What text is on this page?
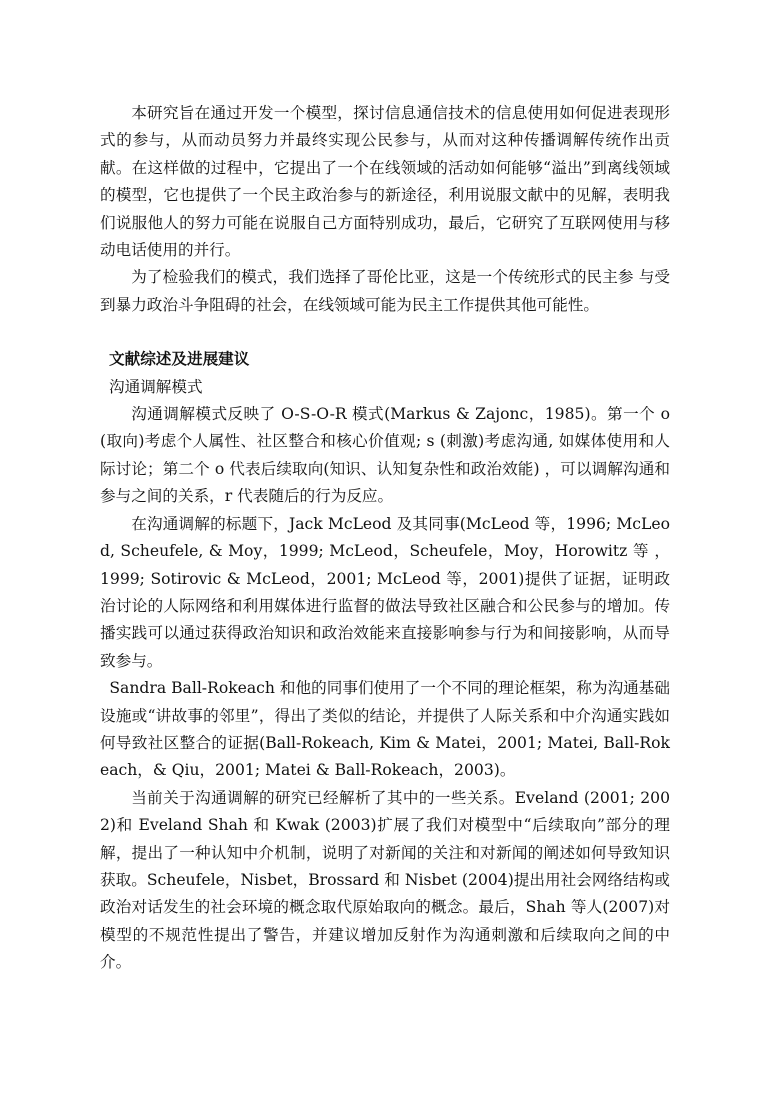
本研究旨在通过开发一个模型，探讨信息通信技术的信息使用如何促进表现形式的参与，从而动员努力并最终实现公民参与，从而对这种传播调解传统作出贡献。在这样做的过程中，它提出了一个在线领域的活动如何能够“溢出”到离线领域的模型，它也提供了一个民主政治参与的新途径，利用说服文献中的见解，表明我们说服他人的努力可能在说服自己方面特别成功，最后，它研究了互联网使用与移动电话使用的并行。

为了检验我们的模式，我们选择了哥伦比亚，这是一个传统形式的民主参 与受到暴力政治斗争阻碍的社会，在线领域可能为民主工作提供其他可能性。

文献综述及进展建议

沟通调解模式

沟通调解模式反映了 O-S-O-R 模式(Markus & Zajonc，1985)。第一个 o (取向)考虑个人属性、社区整合和核心价值观; s (刺激)考虑沟通, 如媒体使用和人际讨论；第二个 o 代表后续取向(知识、认知复杂性和政治效能) ，可以调解沟通和参与之间的关系，r 代表随后的行为反应。

在沟通调解的标题下，Jack McLeod 及其同事(McLeod 等，1996; McLeod, Scheufele, & Moy，1999; McLeod，Scheufele，Moy，Horowitz 等 ，1999; Sotirovic & McLeod，2001; McLeod 等，2001)提供了证据，证明政治讨论的人际网络和利用媒体进行监督的做法导致社区融合和公民参与的增加。传播实践可以通过获得政治知识和政治效能来直接影响参与行为和间接影响，从而导致参与。

Sandra Ball-Rokeach 和他的同事们使用了一个不同的理论框架，称为沟通基础设施或“讲故事的邻里”，得出了类似的结论，并提供了人际关系和中介沟通实践如何导致社区整合的证据(Ball-Rokeach, Kim & Matei，2001; Matei, Ball-Rokeach，& Qiu，2001; Matei & Ball-Rokeach，2003)。

当前关于沟通调解的研究已经解析了其中的一些关系。Eveland (2001; 2002)和 Eveland Shah 和 Kwak (2003)扩展了我们对模型中“后续取向”部分的理解，提出了一种认知中介机制，说明了对新闻的关注和对新闻的阐述如何导致知识获取。Scheufele，Nisbet，Brossard 和 Nisbet (2004)提出用社会网络结构或政治对话发生的社会环境的概念取代原始取向的概念。最后，Shah 等人(2007)对模型的不规范性提出了警告，并建议增加反射作为沟通刺激和后续取向之间的中介。
